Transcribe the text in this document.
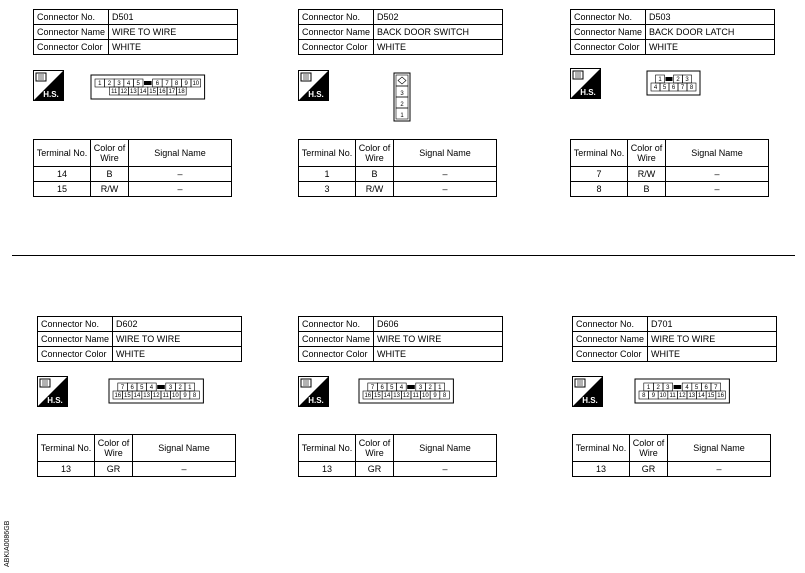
Connector No.	D501
Connector Name	WIRE TO WIRE
Connector Color	WHITE
H.S.
1 2 3 4 5	6 7 8 9 10
11 12 13 14 15 16 17 18
Terminal No.	Color of Wire	Signal Name
14	B	–
15	R/W	–
Connector No.	D502
Connector Name	BACK DOOR SWITCH
Connector Color	WHITE
H.S.	3
2
1
Terminal No.	Color of Wire	Signal Name
1	B	–
3	R/W	–
Connector No.	D503
Connector Name	BACK DOOR LATCH
Connector Color	WHITE
H.S.
1 2 3
4 5 6 7 8
Terminal No.	Color of Wire	Signal Name
7	R/W	–
8	B	–
Connector No.	D602
Connector Name	WIRE TO WIRE
Connector Color	WHITE
H.S.
7 6 5 4	3 2 1
16 15 14 13 12 11 10 9 8
Terminal No.	Color of Wire	Signal Name
13	GR	–
Connector No.	D606
Connector Name	WIRE TO WIRE
Connector Color	WHITE
H.S.
7 6 5 4	3 2 1
16 15 14 13 12 11 10 9 8
Terminal No.	Color of Wire	Signal Name
13	GR	–
Connector No.	D701
Connector Name	WIRE TO WIRE
Connector Color	WHITE
H.S.
1 2 3	4 5 6 7
8 9 10 11 12 13 14 15 16
Terminal No.	Color of Wire	Signal Name
13	GR	–
ABKIA0086GB
